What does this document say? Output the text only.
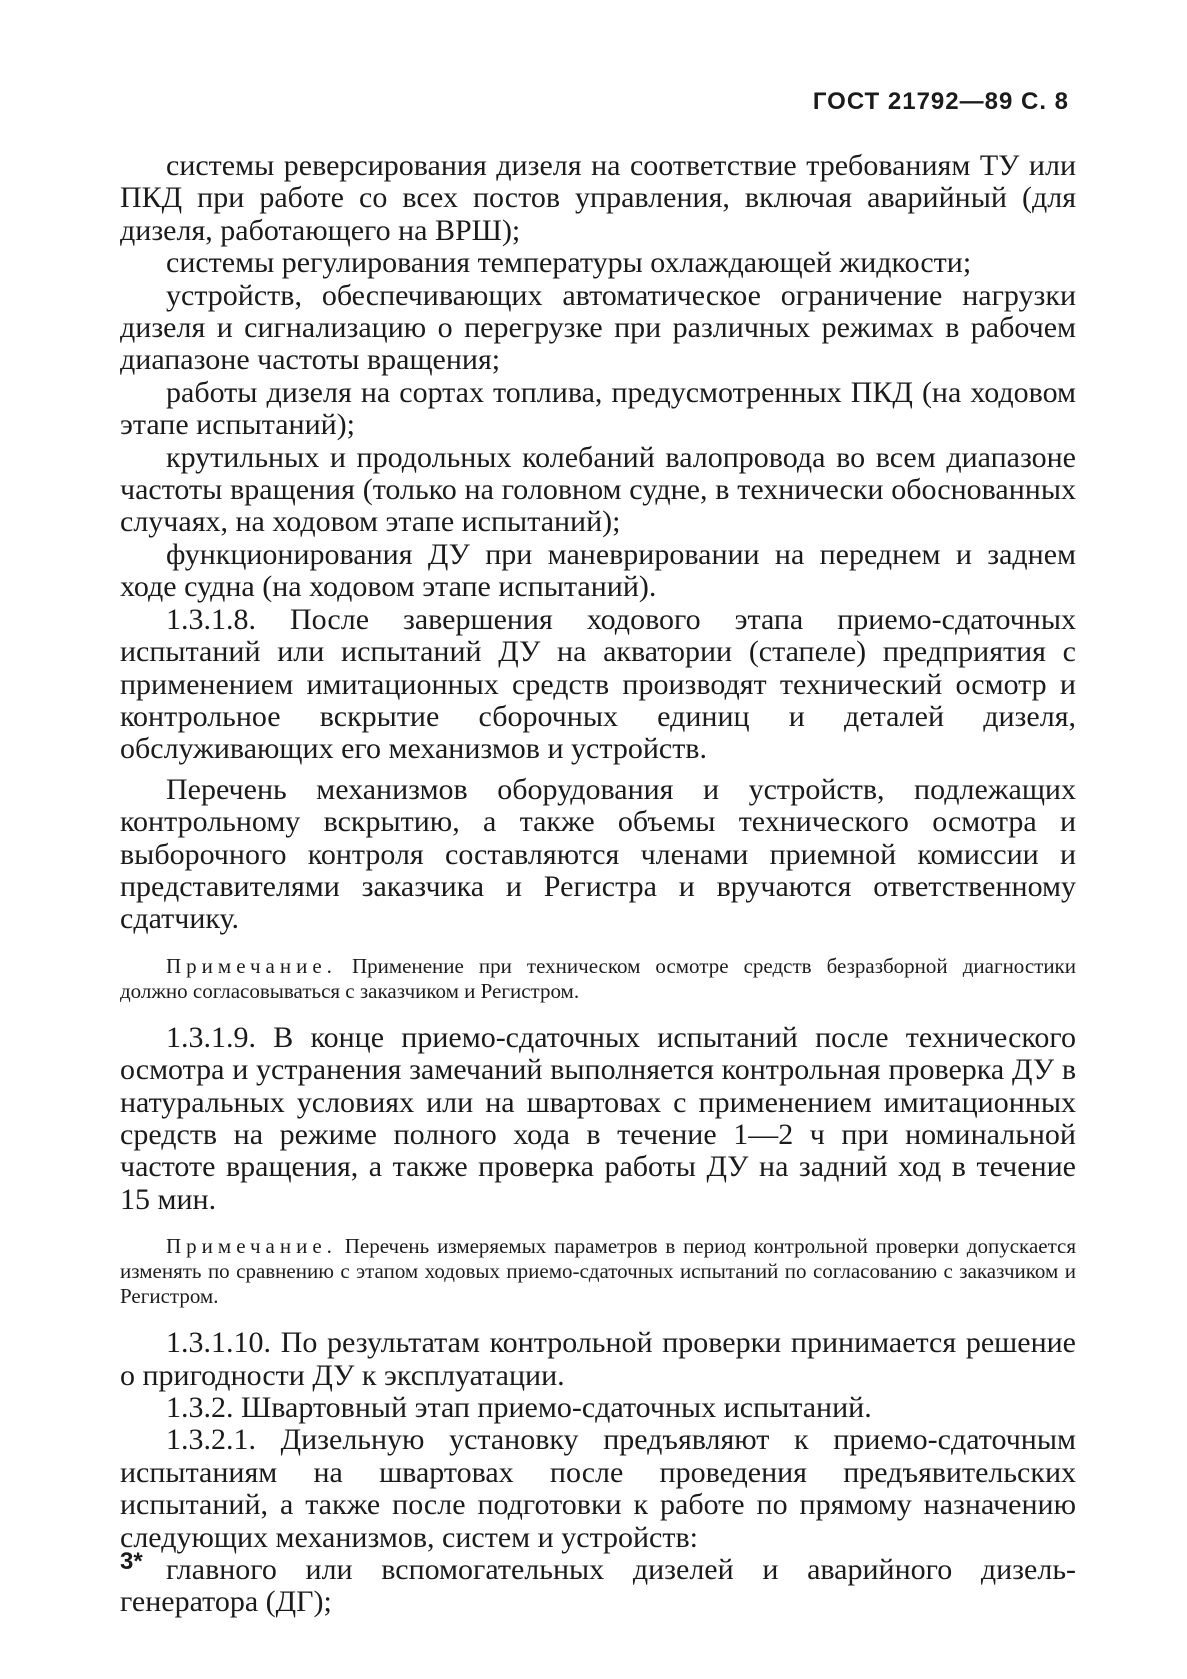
ГОСТ 21792—89 С. 8

системы реверсирования дизеля на соответствие требованиям ТУ или ПКД при работе со всех постов управления, включая аварийный (для дизеля, работающего на ВРШ);

системы регулирования температуры охлаждающей жидкости;

устройств, обеспечивающих автоматическое ограничение нагрузки дизеля и сигнализацию о перегрузке при различных режимах в рабочем диапазоне частоты вращения;

работы дизеля на сортах топлива, предусмотренных ПКД (на ходовом этапе испытаний);

крутильных и продольных колебаний валопровода во всем диапазоне частоты вращения (только на головном судне, в технически обоснованных случаях, на ходовом этапе испытаний);

функционирования ДУ при маневрировании на переднем и заднем ходе судна (на ходовом этапе испытаний).

1.3.1.8. После завершения ходового этапа приемо-сдаточных испытаний или испытаний ДУ на акватории (стапеле) предприятия с применением имитационных средств производят технический осмотр и контрольное вскрытие сборочных единиц и деталей дизеля, обслуживающих его механизмов и устройств.

Перечень механизмов оборудования и устройств, подлежащих контрольному вскрытию, а также объемы технического осмотра и выборочного контроля составляются членами приемной комиссии и представителями заказчика и Регистра и вручаются ответственному сдатчику.

Примечание. Применение при техническом осмотре средств безразборной диагностики должно согласовываться с заказчиком и Регистром.

1.3.1.9. В конце приемо-сдаточных испытаний после технического осмотра и устранения замечаний выполняется контрольная проверка ДУ в натуральных условиях или на швартовах с применением имитационных средств на режиме полного хода в течение 1—2 ч при номинальной частоте вращения, а также проверка работы ДУ на задний ход в течение 15 мин.

Примечание. Перечень измеряемых параметров в период контрольной проверки допускается изменять по сравнению с этапом ходовых приемо-сдаточных испытаний по согласованию с заказчиком и Регистром.

1.3.1.10. По результатам контрольной проверки принимается решение о пригодности ДУ к эксплуатации.

1.3.2. Швартовный этап приемо-сдаточных испытаний.

1.3.2.1. Дизельную установку предъявляют к приемо-сдаточным испытаниям на швартовах после проведения предъявительских испытаний, а также после подготовки к работе по прямому назначению следующих механизмов, систем и устройств:

главного или вспомогательных дизелей и аварийного дизель-генератора (ДГ);

3*
